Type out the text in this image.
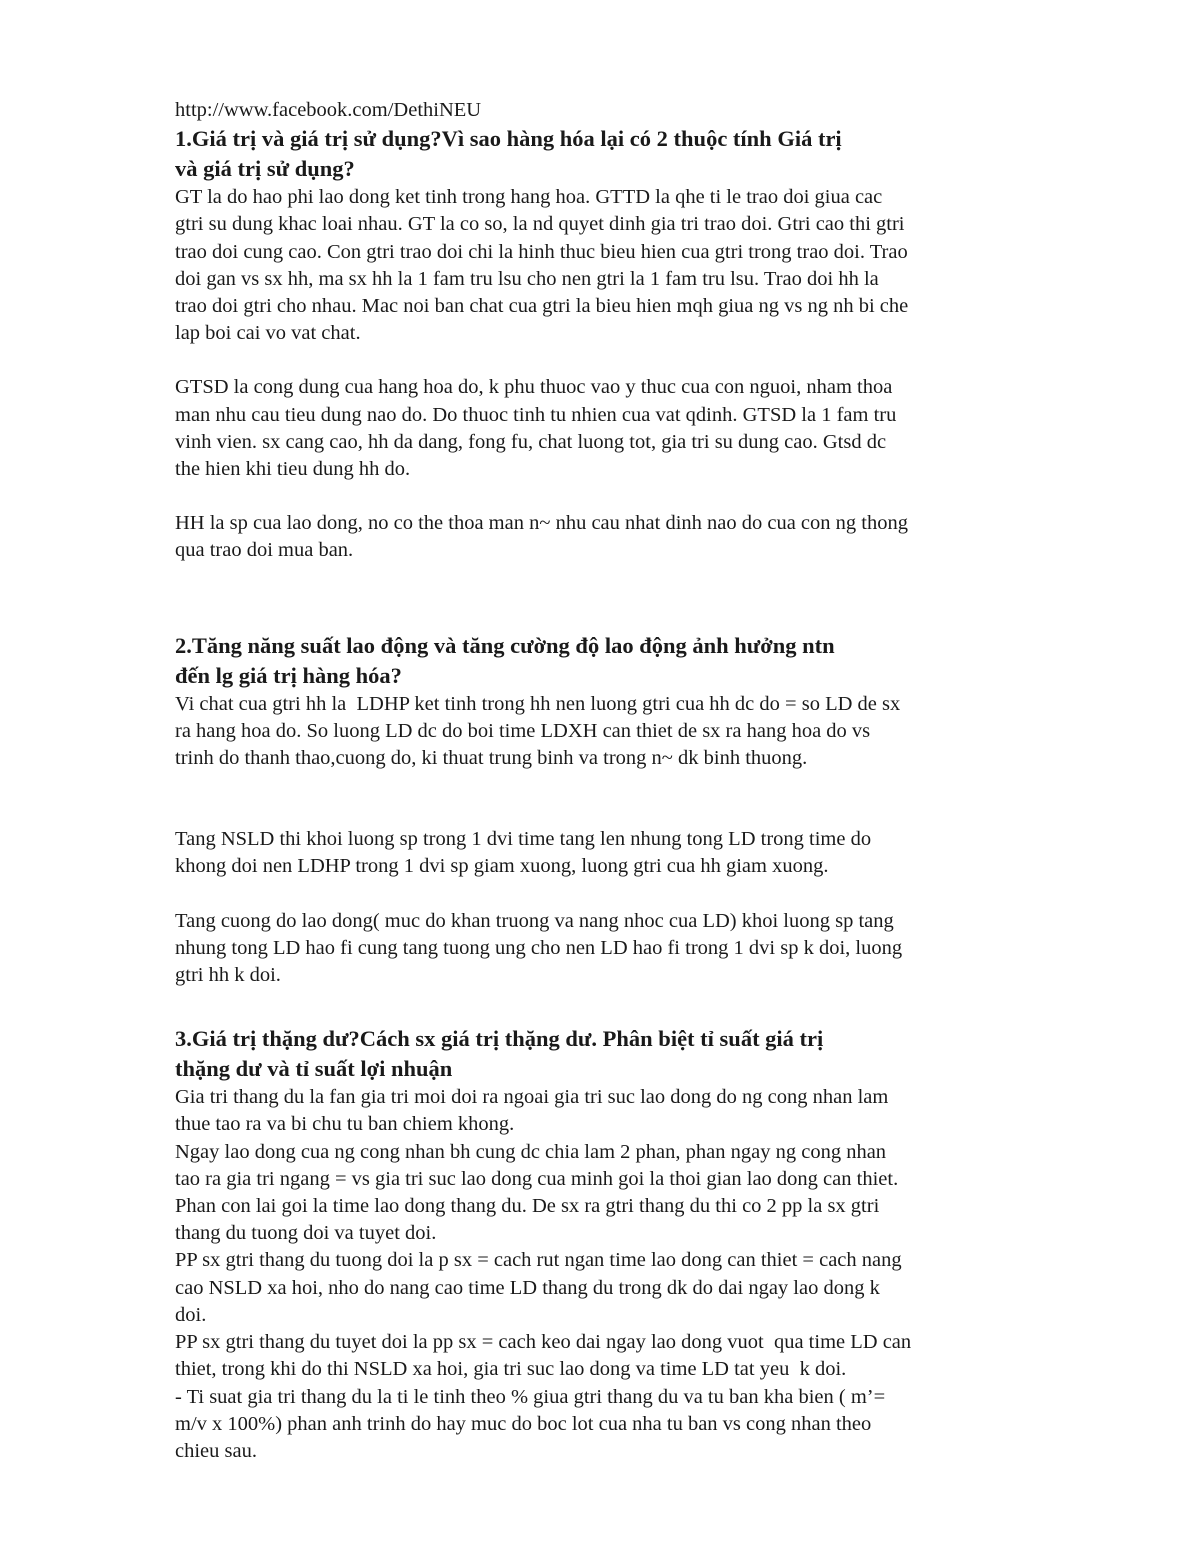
http://www.facebook.com/DethiNEU
1.Giá trị và giá trị sử dụng?Vì sao hàng hóa lại có 2 thuộc tính Giá trị
và giá trị sử dụng?
GT la do hao phi lao dong ket tinh trong hang hoa. GTTD la qhe ti le trao doi giua cac
gtri su dung khac loai nhau. GT la co so, la nd quyet dinh gia tri trao doi. Gtri cao thi gtri
trao doi cung cao. Con gtri trao doi chi la hinh thuc bieu hien cua gtri trong trao doi. Trao
doi gan vs sx hh, ma sx hh la 1 fam tru lsu cho nen gtri la 1 fam tru lsu. Trao doi hh la
trao doi gtri cho nhau. Mac noi ban chat cua gtri la bieu hien mqh giua ng vs ng nh bi che
lap boi cai vo vat chat.
GTSD la cong dung cua hang hoa do, k phu thuoc vao y thuc cua con nguoi, nham thoa
man nhu cau tieu dung nao do. Do thuoc tinh tu nhien cua vat qdinh. GTSD la 1 fam tru
vinh vien. sx cang cao, hh da dang, fong fu, chat luong tot, gia tri su dung cao. Gtsd dc
the hien khi tieu dung hh do.
HH la sp cua lao dong, no co the thoa man n~ nhu cau nhat dinh nao do cua con ng thong
qua trao doi mua ban.
2.Tăng năng suất lao động và tăng cường độ lao động ảnh hưởng ntn
đến lg giá trị hàng hóa?
Vi chat cua gtri hh la  LDHP ket tinh trong hh nen luong gtri cua hh dc do = so LD de sx
ra hang hoa do. So luong LD dc do boi time LDXH can thiet de sx ra hang hoa do vs
trinh do thanh thao,cuong do, ki thuat trung binh va trong n~ dk binh thuong.
Tang NSLD thi khoi luong sp trong 1 dvi time tang len nhung tong LD trong time do
khong doi nen LDHP trong 1 dvi sp giam xuong, luong gtri cua hh giam xuong.
Tang cuong do lao dong( muc do khan truong va nang nhoc cua LD) khoi luong sp tang
nhung tong LD hao fi cung tang tuong ung cho nen LD hao fi trong 1 dvi sp k doi, luong
gtri hh k doi.
3.Giá trị thặng dư?Cách sx giá trị thặng dư. Phân biệt tỉ suất giá trị
thặng dư và tỉ suất lợi nhuận
Gia tri thang du la fan gia tri moi doi ra ngoai gia tri suc lao dong do ng cong nhan lam
thue tao ra va bi chu tu ban chiem khong.
Ngay lao dong cua ng cong nhan bh cung dc chia lam 2 phan, phan ngay ng cong nhan
tao ra gia tri ngang = vs gia tri suc lao dong cua minh goi la thoi gian lao dong can thiet.
Phan con lai goi la time lao dong thang du. De sx ra gtri thang du thi co 2 pp la sx gtri
thang du tuong doi va tuyet doi.
PP sx gtri thang du tuong doi la p sx = cach rut ngan time lao dong can thiet = cach nang
cao NSLD xa hoi, nho do nang cao time LD thang du trong dk do dai ngay lao dong k
doi.
PP sx gtri thang du tuyet doi la pp sx = cach keo dai ngay lao dong vuot  qua time LD can
thiet, trong khi do thi NSLD xa hoi, gia tri suc lao dong va time LD tat yeu  k doi.
- Ti suat gia tri thang du la ti le tinh theo % giua gtri thang du va tu ban kha bien ( m’=
m/v x 100%) phan anh trinh do hay muc do boc lot cua nha tu ban vs cong nhan theo
chieu sau.
